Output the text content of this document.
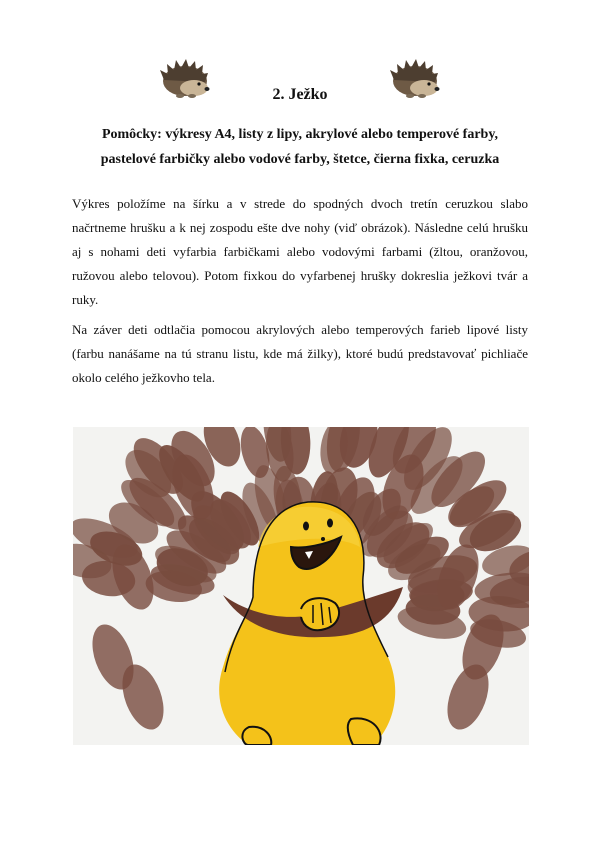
2. Ježko
Pomôcky: výkresy A4, listy z lipy, akrylové alebo temperové farby,
pastelové farbičky alebo vodové farby, štetce, čierna fixka, ceruzka

Výkres položíme na šírku a v strede do spodných dvoch tretín ceruzkou slabo načrtneme hrušku a k nej zospodu ešte dve nohy (viď obrázok). Následne celú hrušku aj s nohami deti vyfarbia farbičkami alebo vodovými farbami (žltou, oranžovou, ružovou alebo telovou). Potom fixkou do vyfarbenej hrušky dokreslia ježkovi tvár a ruky.

Na záver deti odtlačia pomocou akrylových alebo temperových farieb lipové listy (farbu nanášame na tú stranu listu, kde má žilky), ktoré budú predstavovať pichliače okolo celého ježkovho tela.
